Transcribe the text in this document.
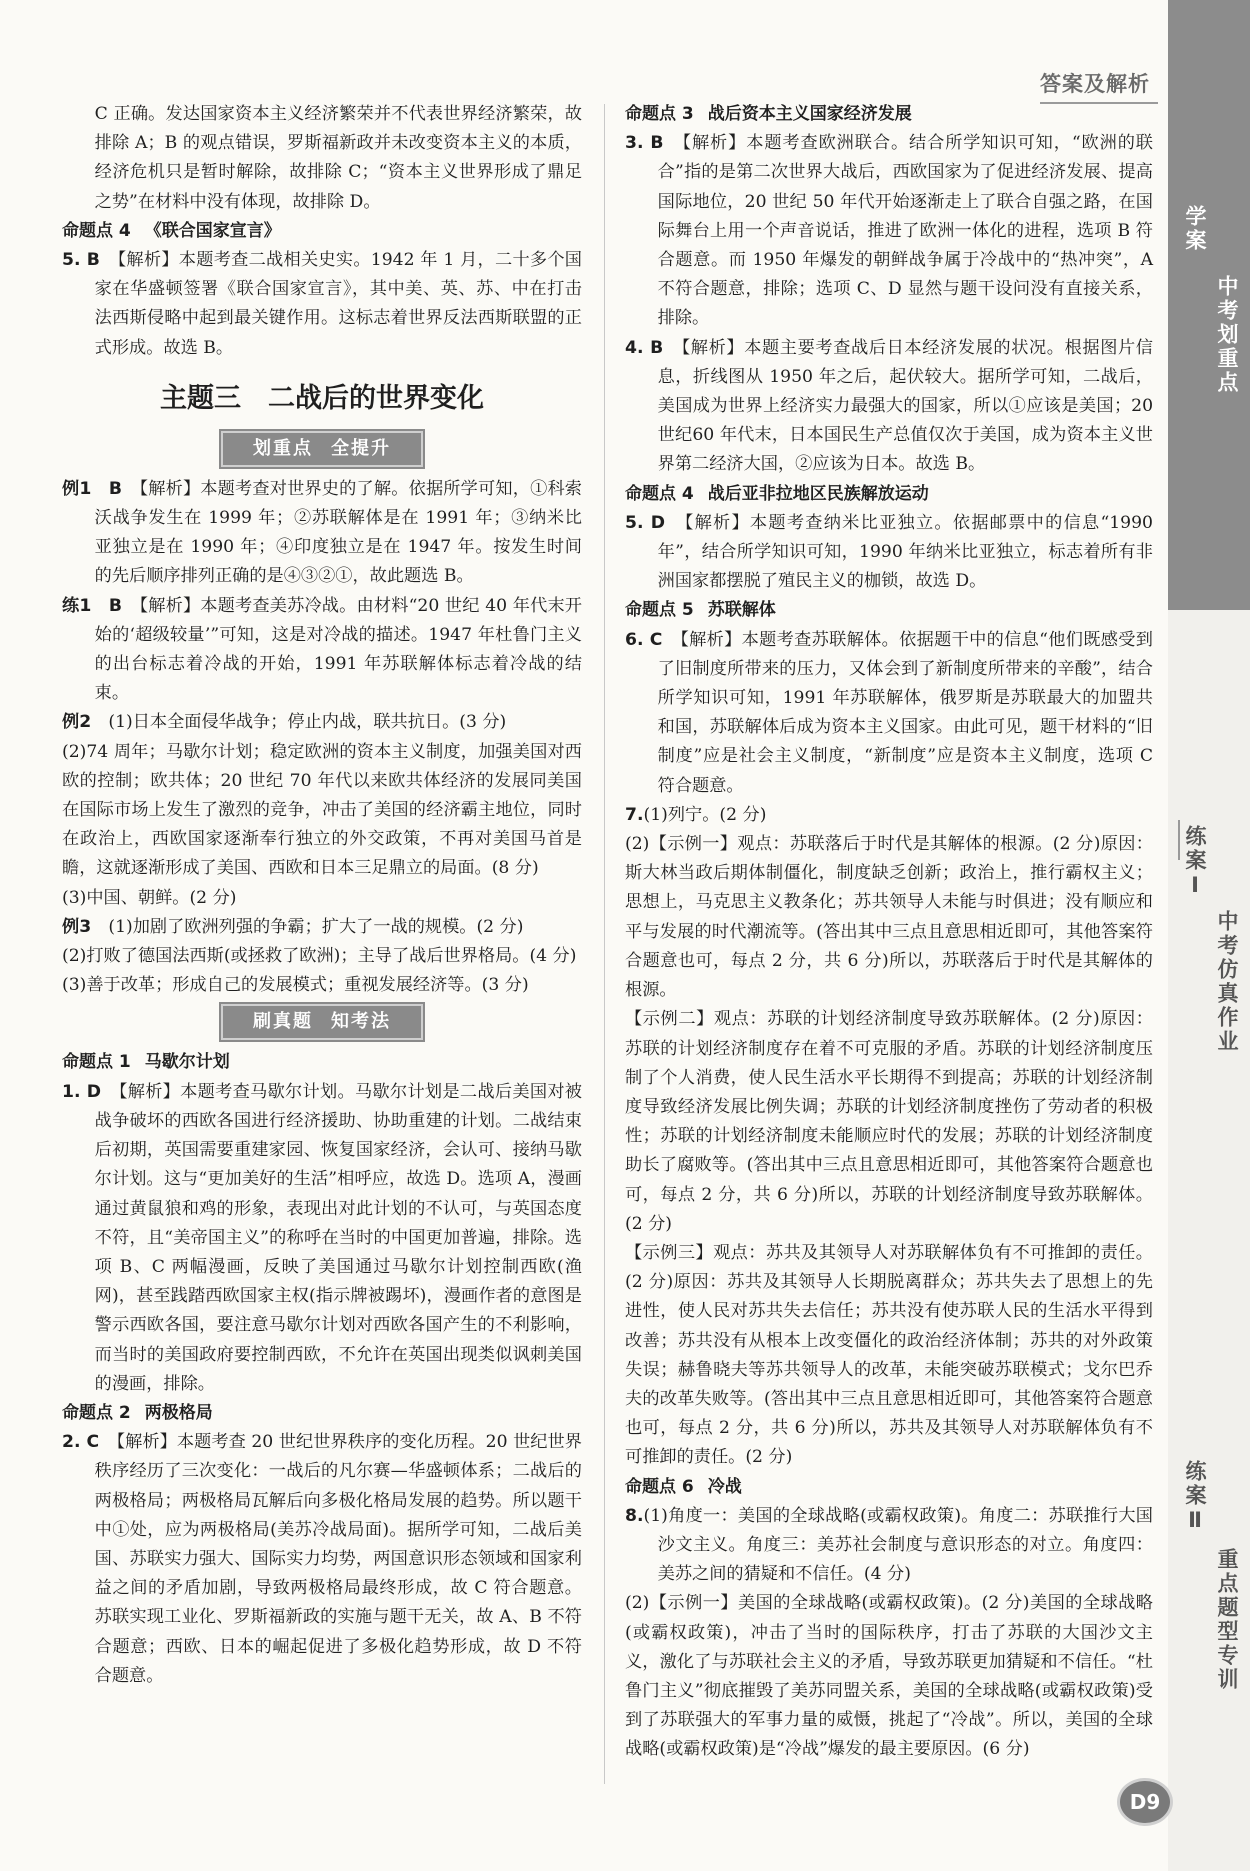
答案及解析

C 正确。发达国家资本主义经济繁荣并不代表世界经济繁荣，故排除 A；B 的观点错误，罗斯福新政并未改变资本主义的本质，经济危机只是暂时解除，故排除 C；“资本主义世界形成了鼎足之势”在材料中没有体现，故排除 D。

命题点 4 《联合国家宣言》

5. B　 【解析】本题考查二战相关史实。1942 年 1 月，二十多个国家在华盛顿签署《联合国家宣言》，其中美、英、苏、中在打击法西斯侵略中起到最关键作用。这标志着世界反法西斯联盟的正式形成。故选 B。

主题三　二战后的世界变化
划重点 全提升

例1　B　 【解析】本题考查对世界史的了解。依据所学可知，①科索沃战争发生在 1999 年；②苏联解体是在 1991 年；③纳米比亚独立是在 1990 年；④印度独立是在 1947 年。按发生时间的先后顺序排列正确的是④③②①，故此题选 B。

练1　B　 【解析】本题考查美苏冷战。由材料“20 世纪 40 年代末开始的‘超级较量’”可知，这是对冷战的描述。1947 年杜鲁门主义的出台标志着冷战的开始，1991 年苏联解体标志着冷战的结束。

例2　 (1)日本全面侵华战争；停止内战，联共抗日。(3 分)

(2)74 周年；马歇尔计划；稳定欧洲的资本主义制度，加强美国对西欧的控制；欧共体；20 世纪 70 年代以来欧共体经济的发展同美国在国际市场上发生了激烈的竞争，冲击了美国的经济霸主地位，同时在政治上，西欧国家逐渐奉行独立的外交政策，不再对美国马首是瞻，这就逐渐形成了美国、西欧和日本三足鼎立的局面。(8 分)

(3)中国、朝鲜。(2 分)

例3　 (1)加剧了欧洲列强的争霸；扩大了一战的规模。(2 分)

(2)打败了德国法西斯(或拯救了欧洲)；主导了战后世界格局。(4 分)

(3)善于改革；形成自己的发展模式；重视发展经济等。(3 分)

刷真题 知考法

命题点 1 马歇尔计划

1. D　 【解析】本题考查马歇尔计划。马歇尔计划是二战后美国对被战争破坏的西欧各国进行经济援助、协助重建的计划。二战结束后初期，英国需要重建家园、恢复国家经济，会认可、接纳马歇尔计划。这与“更加美好的生活”相呼应，故选 D。选项 A，漫画通过黄鼠狼和鸡的形象，表现出对此计划的不认可，与英国态度不符，且“美帝国主义”的称呼在当时的中国更加普遍，排除。选项 B、C 两幅漫画，反映了美国通过马歇尔计划控制西欧(渔网)，甚至践踏西欧国家主权(指示牌被踢坏)，漫画作者的意图是警示西欧各国，要注意马歇尔计划对西欧各国产生的不利影响，而当时的美国政府要控制西欧，不允许在英国出现类似讽刺美国的漫画，排除。

命题点 2 两极格局

2. C　 【解析】本题考查 20 世纪世界秩序的变化历程。20 世纪世界秩序经历了三次变化：一战后的凡尔赛—华盛顿体系；二战后的两极格局；两极格局瓦解后向多极化格局发展的趋势。所以题干中①处，应为两极格局(美苏冷战局面)。据所学可知，二战后美国、苏联实力强大、国际实力均势，两国意识形态领域和国家利益之间的矛盾加剧，导致两极格局最终形成，故 C 符合题意。苏联实现工业化、罗斯福新政的实施与题干无关，故 A、B 不符合题意；西欧、日本的崛起促进了多极化趋势形成，故 D 不符合题意。

命题点 3 战后资本主义国家经济发展

3. B　 【解析】本题考查欧洲联合。结合所学知识可知，“欧洲的联合”指的是第二次世界大战后，西欧国家为了促进经济发展、提高国际地位，20 世纪 50 年代开始逐渐走上了联合自强之路，在国际舞台上用一个声音说话，推进了欧洲一体化的进程，选项 B 符合题意。而 1950 年爆发的朝鲜战争属于冷战中的“热冲突”，A 不符合题意，排除；选项 C、D 显然与题干设问没有直接关系，排除。

4. B　 【解析】本题主要考查战后日本经济发展的状况。根据图片信息，折线图从 1950 年之后，起伏较大。据所学可知，二战后，美国成为世界上经济实力最强大的国家，所以①应该是美国；20 世纪60 年代末，日本国民生产总值仅次于美国，成为资本主义世界第二经济大国，②应该为日本。故选 B。

命题点 4 战后亚非拉地区民族解放运动

5. D　 【解析】本题考查纳米比亚独立。依据邮票中的信息“1990 年”，结合所学知识可知，1990 年纳米比亚独立，标志着所有非洲国家都摆脱了殖民主义的枷锁，故选 D。

命题点 5 苏联解体

6. C　 【解析】本题考查苏联解体。依据题干中的信息“他们既感受到了旧制度所带来的压力，又体会到了新制度所带来的辛酸”，结合所学知识可知，1991 年苏联解体，俄罗斯是苏联最大的加盟共和国，苏联解体后成为资本主义国家。由此可见，题干材料的“旧制度”应是社会主义制度，“新制度”应是资本主义制度，选项 C 符合题意。

7.(1)列宁。(2 分)

(2)【示例一】观点：苏联落后于时代是其解体的根源。(2 分)原因：斯大林当政后期体制僵化，制度缺乏创新；政治上，推行霸权主义；思想上，马克思主义教条化；苏共领导人未能与时俱进；没有顺应和平与发展的时代潮流等。(答出其中三点且意思相近即可，其他答案符合题意也可，每点 2 分，共 6 分)所以，苏联落后于时代是其解体的根源。

【示例二】观点：苏联的计划经济制度导致苏联解体。(2 分)原因：苏联的计划经济制度存在着不可克服的矛盾。苏联的计划经济制度压制了个人消费，使人民生活水平长期得不到提高；苏联的计划经济制度导致经济发展比例失调；苏联的计划经济制度挫伤了劳动者的积极性；苏联的计划经济制度未能顺应时代的发展；苏联的计划经济制度助长了腐败等。(答出其中三点且意思相近即可，其他答案符合题意也可，每点 2 分，共 6 分)所以，苏联的计划经济制度导致苏联解体。(2 分)

【示例三】观点：苏共及其领导人对苏联解体负有不可推卸的责任。(2 分)原因：苏共及其领导人长期脱离群众；苏共失去了思想上的先进性，使人民对苏共失去信任；苏共没有使苏联人民的生活水平得到改善；苏共没有从根本上改变僵化的政治经济体制；苏共的对外政策失误；赫鲁晓夫等苏共领导人的改革，未能突破苏联模式；戈尔巴乔夫的改革失败等。(答出其中三点且意思相近即可，其他答案符合题意也可，每点 2 分，共 6 分)所以，苏共及其领导人对苏联解体负有不可推卸的责任。(2 分)

命题点 6 冷战

8.(1)角度一：美国的全球战略(或霸权政策)。角度二：苏联推行大国沙文主义。角度三：美苏社会制度与意识形态的对立。角度四：美苏之间的猜疑和不信任。(4 分)

(2)【示例一】美国的全球战略(或霸权政策)。(2 分)美国的全球战略(或霸权政策)，冲击了当时的国际秩序，打击了苏联的大国沙文主义，激化了与苏联社会主义的矛盾，导致苏联更加猜疑和不信任。“杜鲁门主义”彻底摧毁了美苏同盟关系，美国的全球战略(或霸权政策)受到了苏联强大的军事力量的威慑，挑起了“冷战”。所以，美国的全球战略(或霸权政策)是“冷战”爆发的最主要原因。(6 分)

学案
中考划重点
练案Ⅰ
中考仿真作业
练案Ⅱ
重点题型专训
D9
